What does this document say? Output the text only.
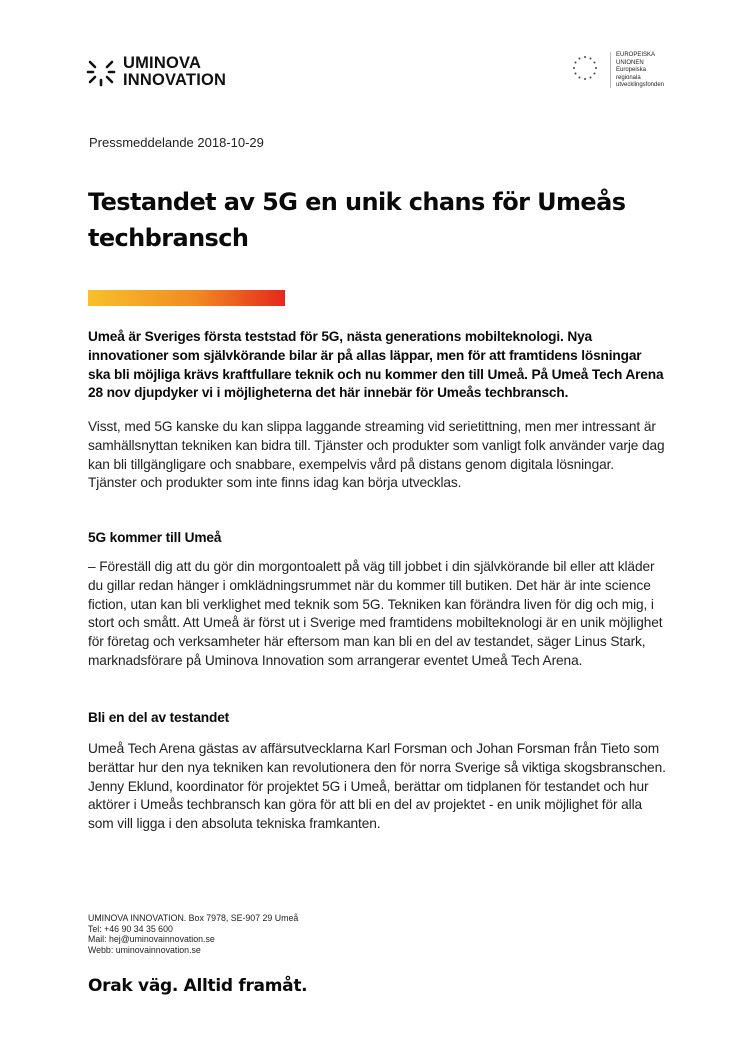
UMINOVA
INNOVATION
EUROPEISKA
UNIONEN
Europeiska
regionala
utvecklingsfonden
Pressmeddelande 2018-10-29
Testandet av 5G en unik chans för Umeås techbransch

Umeå är Sveriges första teststad för 5G, nästa generations mobilteknologi. Nya innovationer som självkörande bilar är på allas läppar, men för att framtidens lösningar ska bli möjliga krävs kraftfullare teknik och nu kommer den till Umeå. På Umeå Tech Arena 28 nov djupdyker vi i möjligheterna det här innebär för Umeås techbransch.

Visst, med 5G kanske du kan slippa laggande streaming vid serietittning, men mer intressant är samhällsnyttan tekniken kan bidra till. Tjänster och produkter som vanligt folk använder varje dag kan bli tillgängligare och snabbare, exempelvis vård på distans genom digitala lösningar. Tjänster och produkter som inte finns idag kan börja utvecklas.

5G kommer till Umeå

– Föreställ dig att du gör din morgontoalett på väg till jobbet i din självkörande bil eller att kläder du gillar redan hänger i omklädningsrummet när du kommer till butiken. Det här är inte science fiction, utan kan bli verklighet med teknik som 5G. Tekniken kan förändra liven för dig och mig, i stort och smått. Att Umeå är först ut i Sverige med framtidens mobilteknologi är en unik möjlighet för företag och verksamheter här eftersom man kan bli en del av testandet, säger Linus Stark, marknadsförare på Uminova Innovation som arrangerar eventet Umeå Tech Arena.

Bli en del av testandet

Umeå Tech Arena gästas av affärsutvecklarna Karl Forsman och Johan Forsman från Tieto som berättar hur den nya tekniken kan revolutionera den för norra Sverige så viktiga skogsbranschen. Jenny Eklund, koordinator för projektet 5G i Umeå, berättar om tidplanen för testandet och hur aktörer i Umeås techbransch kan göra för att bli en del av projektet - en unik möjlighet för alla som vill ligga i den absoluta tekniska framkanten.

UMINOVA INNOVATION. Box 7978, SE-907 29 Umeå
Tel: +46 90 34 35 600
Mail: hej@uminovainnovation.se
Webb: uminovainnovation.se
Orak väg. Alltid framåt.
